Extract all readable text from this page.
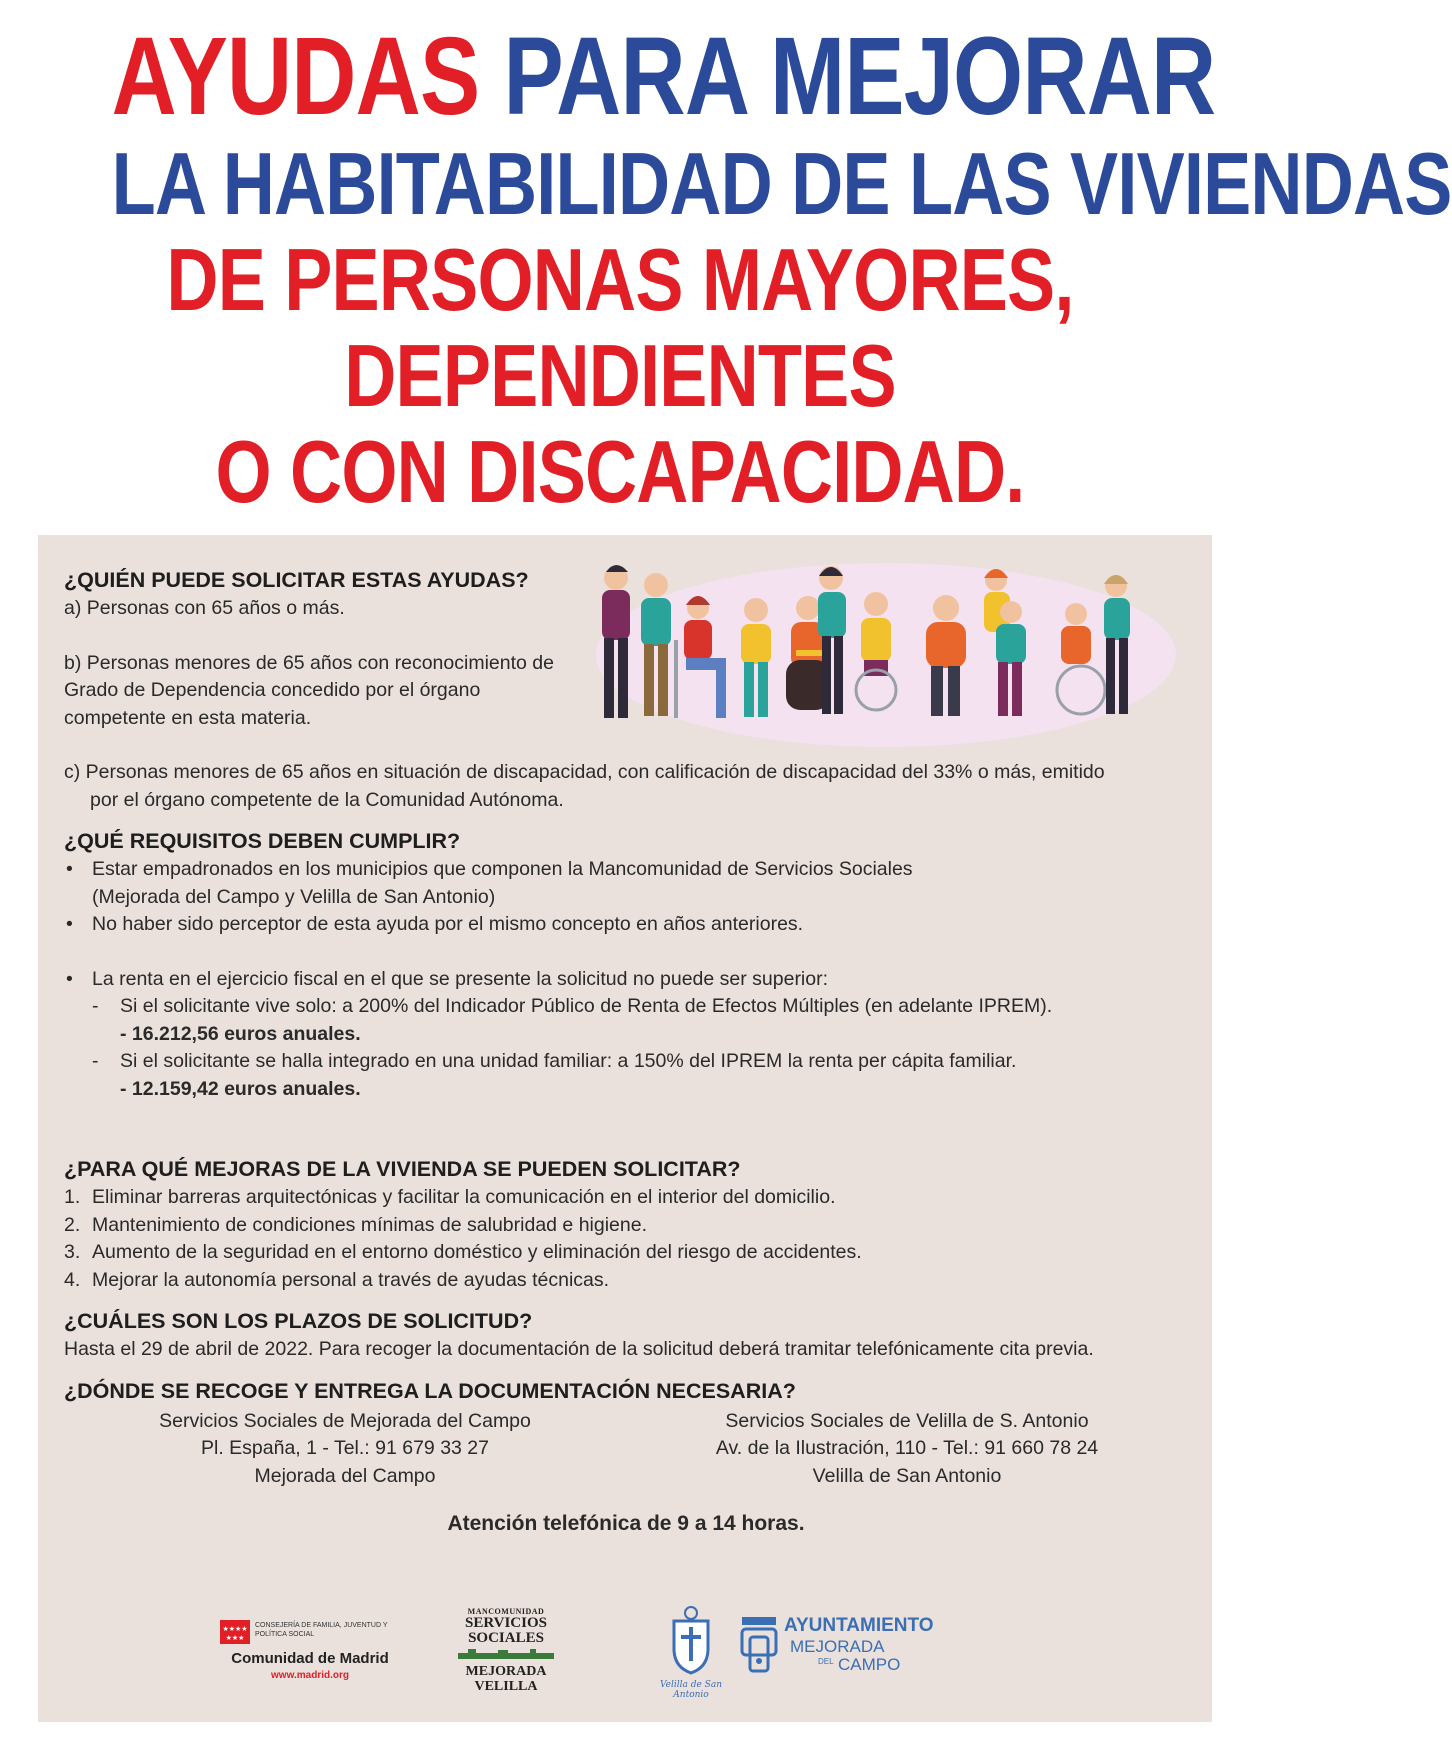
AYUDAS PARA MEJORAR
LA HABITABILIDAD DE LAS VIVIENDAS
DE PERSONAS MAYORES,
DEPENDIENTES
O CON DISCAPACIDAD.
¿QUIÉN PUEDE SOLICITAR ESTAS AYUDAS?
a) Personas con 65 años o más.
b) Personas menores de 65 años con reconocimiento de
Grado de Dependencia concedido por el órgano
competente en esta materia.
c) Personas menores de 65 años en situación de discapacidad, con calificación de discapacidad del 33% o más, emitido
por el órgano competente de la Comunidad Autónoma.
¿QUÉ REQUISITOS DEBEN CUMPLIR?
• Estar empadronados en los municipios que componen la Mancomunidad de Servicios Sociales
(Mejorada del Campo y Velilla de San Antonio)
• No haber sido perceptor de esta ayuda por el mismo concepto en años anteriores.
• La renta en el ejercicio fiscal en el que se presente la solicitud no puede ser superior:
- Si el solicitante vive solo: a 200% del Indicador Público de Renta de Efectos Múltiples (en adelante IPREM).
- 16.212,56 euros anuales.
- Si el solicitante se halla integrado en una unidad familiar: a 150% del IPREM la renta per cápita familiar.
- 12.159,42 euros anuales.
¿PARA QUÉ MEJORAS DE LA VIVIENDA SE PUEDEN SOLICITAR?
1. Eliminar barreras arquitectónicas y facilitar la comunicación en el interior del domicilio.
2. Mantenimiento de condiciones mínimas de salubridad e higiene.
3. Aumento de la seguridad en el entorno doméstico y eliminación del riesgo de accidentes.
4. Mejorar la autonomía personal a través de ayudas técnicas.
¿CUÁLES SON LOS PLAZOS DE SOLICITUD?
Hasta el 29 de abril de 2022. Para recoger la documentación de la solicitud deberá tramitar telefónicamente cita previa.
¿DÓNDE SE RECOGE Y ENTREGA LA DOCUMENTACIÓN NECESARIA?
Servicios Sociales de Mejorada del Campo
Pl. España, 1 - Tel.: 91 679 33 27
Mejorada del Campo
Servicios Sociales de Velilla de S. Antonio
Av. de la Ilustración, 110 - Tel.: 91 660 78 24
Velilla de San Antonio
Atención telefónica de 9 a 14 horas.
★★★★
★★★
CONSEJERÍA DE FAMILIA, JUVENTUD Y POLÍTICA SOCIAL
Comunidad de Madrid
www.madrid.org
MANCOMUNIDAD
SERVICIOS
SOCIALES
MEJORADA
VELILLA	Velilla de San Antonio
AYUNTAMIENTO
MEJORADA
DEL CAMPO
